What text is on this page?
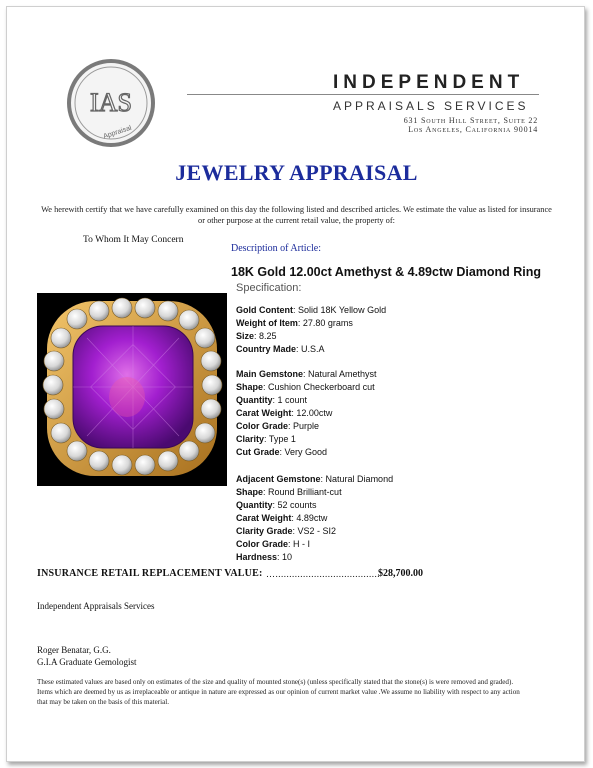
IAS
Appraisal
INDEPENDENT
APPRAISALS SERVICES
631 South Hill Street, Suite 22
Los Angeles, California 90014
JEWELRY APPRAISAL
We herewith certify that we have carefully examined on this day the following listed and described articles. We estimate the value as listed for insurance or other purpose at the current retail value, the property of:
To Whom It May Concern
Description of Article:
18K Gold 12.00ct Amethyst & 4.89ctw Diamond Ring
Specification:
Gold Content: Solid 18K Yellow Gold
Weight of Item: 27.80 grams
Size: 8.25
Country Made: U.S.A
Main Gemstone: Natural Amethyst
Shape: Cushion Checkerboard cut
Quantity: 1 count
Carat Weight: 12.00ctw
Color Grade: Purple
Clarity: Type 1
Cut Grade: Very Good
Adjacent Gemstone: Natural Diamond
Shape: Round Brilliant-cut
Quantity: 52 counts
Carat Weight: 4.89ctw
Clarity Grade: VS2 - SI2
Color Grade: H - I
Hardness: 10
INSURANCE RETAIL REPLACEMENT VALUE: …......................................
$28,700.00
Independent Appraisals Services
Roger Benatar, G.G.
G.I.A Graduate Gemologist
These estimated values are based only on estimates of the size and quality of mounted stone(s) (unless specifically stated that the stone(s) is were removed and graded). Items which are deemed by us as irreplaceable or antique in nature are expressed as our opinion of current market value .We assume no liability with respect to any action that may be taken on the basis of this material.
